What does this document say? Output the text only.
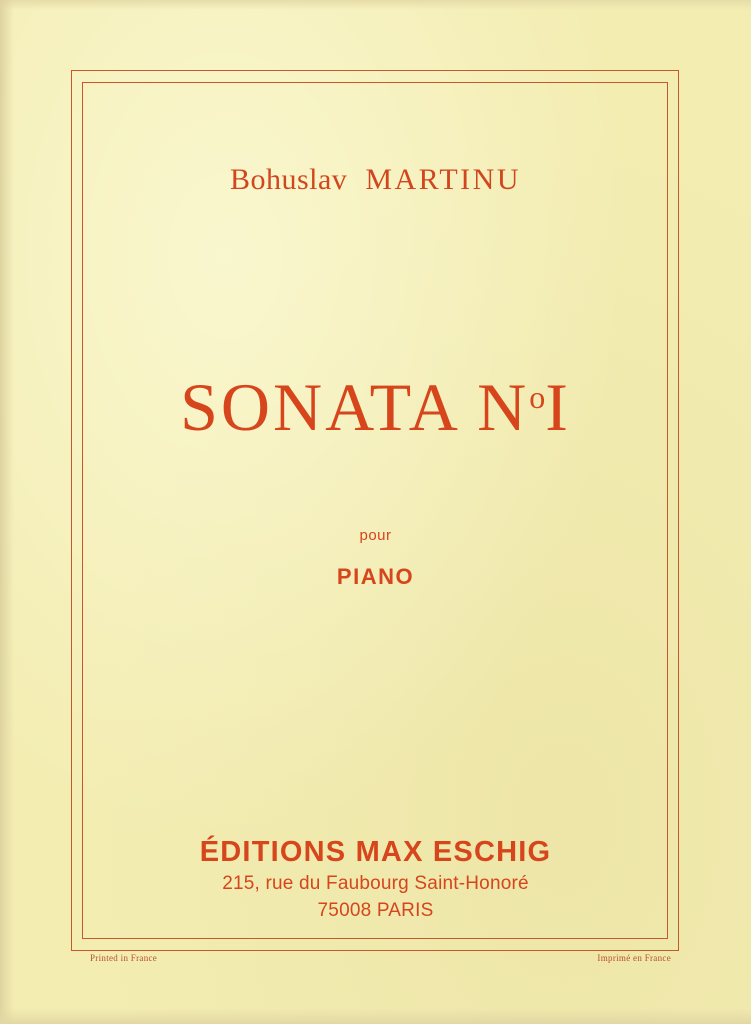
Bohuslav MARTINU
SONATA $N^oI$
pour
PIANO
ÉDITIONS MAX ESCHIG
215, rue du Faubourg Saint-Honoré
75008 PARIS
Printed in France	Imprimé en France
